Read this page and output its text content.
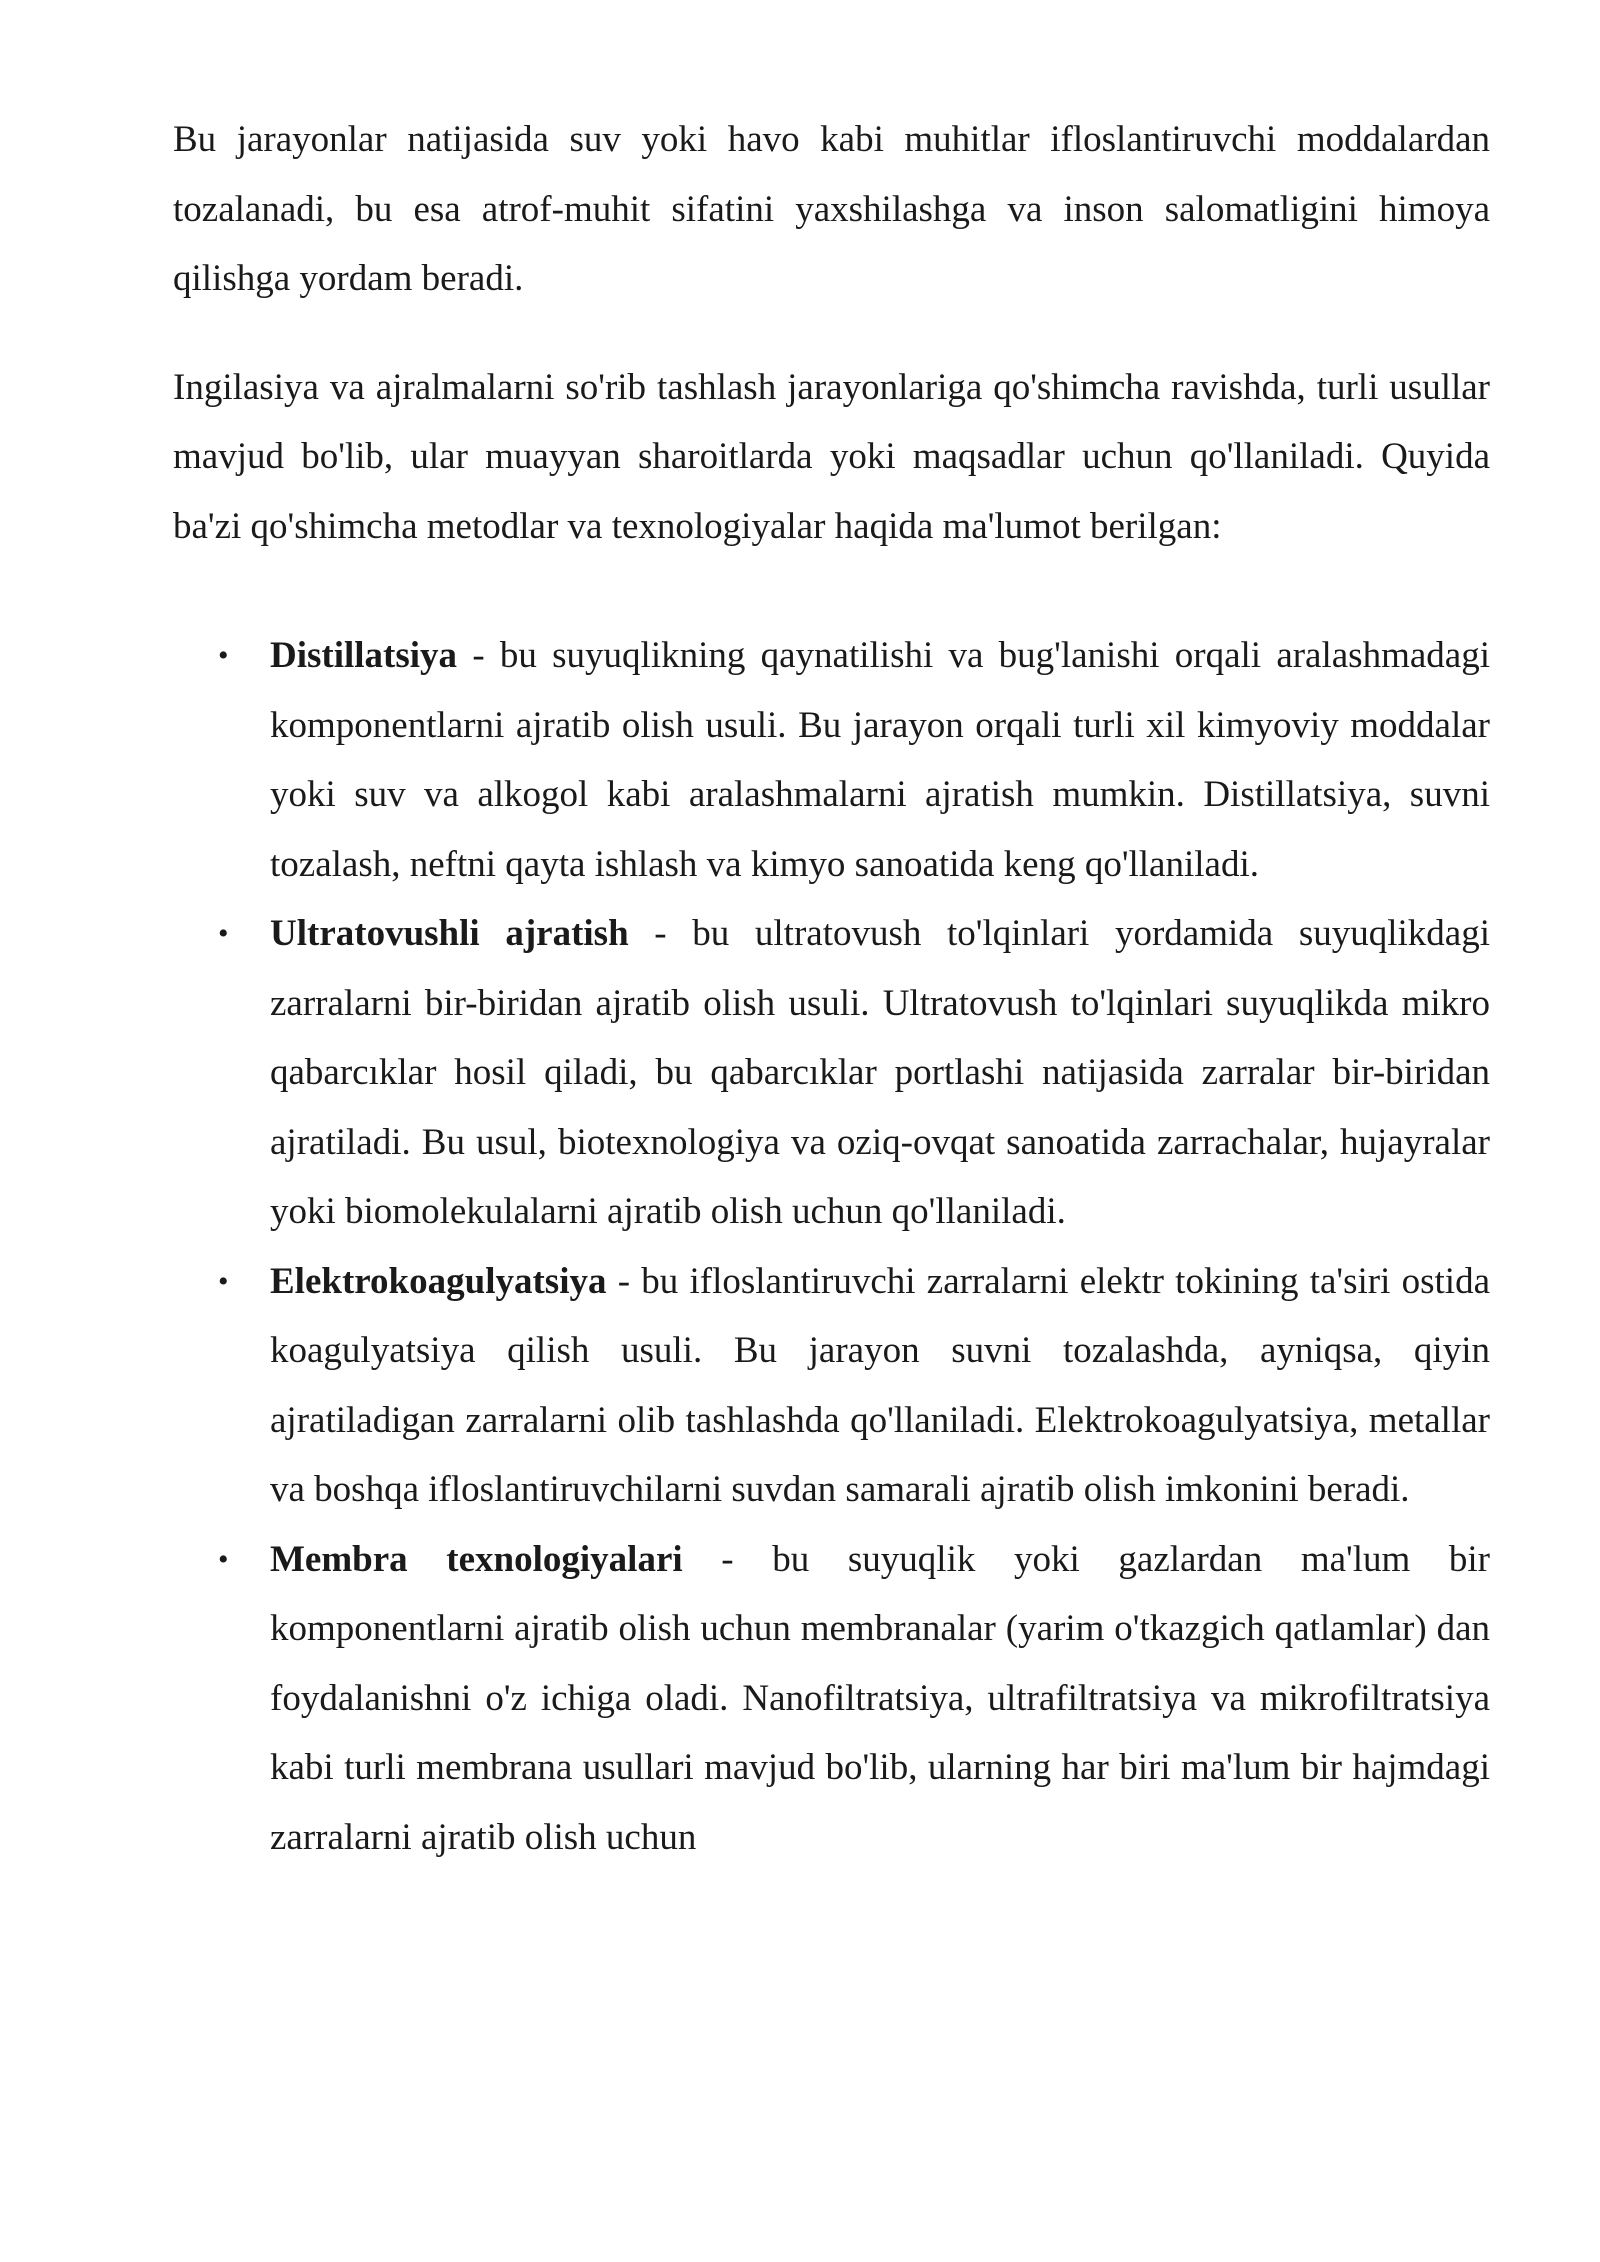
Bu jarayonlar natijasida suv yoki havo kabi muhitlar ifloslantiruvchi moddalardan tozalanadi, bu esa atrof-muhit sifatini yaxshilashga va inson salomatligini himoya qilishga yordam beradi.

Ingilasiya va ajralmalarni so'rib tashlash jarayonlariga qo'shimcha ravishda, turli usullar mavjud bo'lib, ular muayyan sharoitlarda yoki maqsadlar uchun qo'llaniladi. Quyida ba'zi qo'shimcha metodlar va texnologiyalar haqida ma'lumot berilgan:

• Distillatsiya - bu suyuqlikning qaynatilishi va bug'lanishi orqali aralashmadagi komponentlarni ajratib olish usuli. Bu jarayon orqali turli xil kimyoviy moddalar yoki suv va alkogol kabi aralashmalarni ajratish mumkin. Distillatsiya, suvni tozalash, neftni qayta ishlash va kimyo sanoatida keng qo'llaniladi.
• Ultratovushli ajratish - bu ultratovush to'lqinlari yordamida suyuqlikdagi zarralarni bir-biridan ajratib olish usuli. Ultratovush to'lqinlari suyuqlikda mikro qabarcıklar hosil qiladi, bu qabarcıklar portlashi natijasida zarralar bir-biridan ajratiladi. Bu usul, biotexnologiya va oziq-ovqat sanoatida zarrachalar, hujayralar yoki biomolekulalarni ajratib olish uchun qo'llaniladi.
• Elektrokoagulyatsiya - bu ifloslantiruvchi zarralarni elektr tokining ta'siri ostida koagulyatsiya qilish usuli. Bu jarayon suvni tozalashda, ayniqsa, qiyin ajratiladigan zarralarni olib tashlashda qo'llaniladi. Elektrokoagulyatsiya, metallar va boshqa ifloslantiruvchilarni suvdan samarali ajratib olish imkonini beradi.
• Membra texnologiyalari - bu suyuqlik yoki gazlardan ma'lum bir komponentlarni ajratib olish uchun membranalar (yarim o'tkazgich qatlamlar) dan foydalanishni o'z ichiga oladi. Nanofiltratsiya, ultrafiltratsiya va mikrofiltratsiya kabi turli membrana usullari mavjud bo'lib, ularning har biri ma'lum bir hajmdagi zarralarni ajratib olish uchun
